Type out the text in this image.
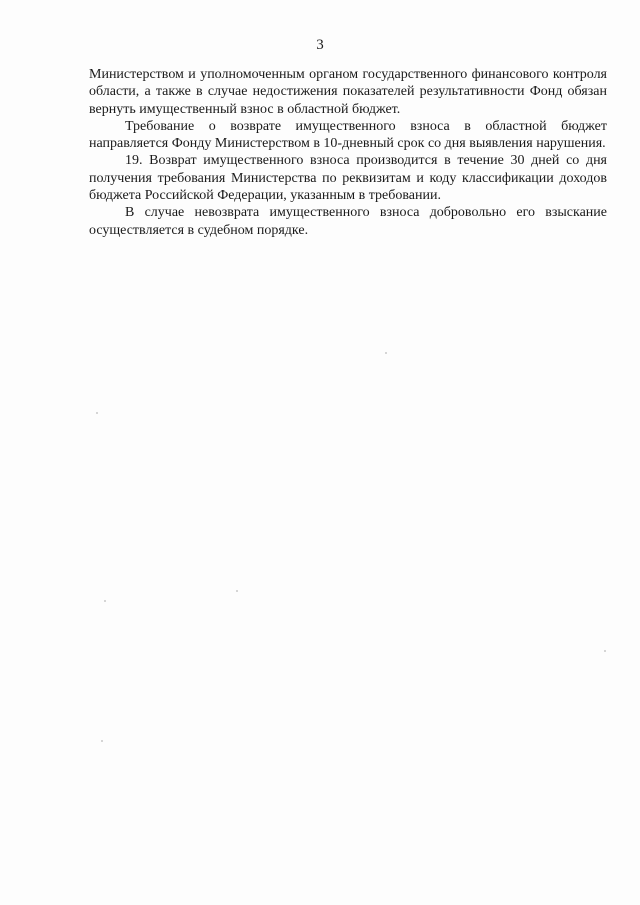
3

Министерством и уполномоченным органом государственного финансового контроля области, а также в случае недостижения показателей результативности Фонд обязан вернуть имущественный взнос в областной бюджет.

Требование о возврате имущественного взноса в областной бюджет направляется Фонду Министерством в 10-дневный срок со дня выявления нарушения.

19. Возврат имущественного взноса производится в течение 30 дней со дня получения требования Министерства по реквизитам и коду классификации доходов бюджета Российской Федерации, указанным в требовании.

В случае невозврата имущественного взноса добровольно его взыскание осуществляется в судебном порядке.
